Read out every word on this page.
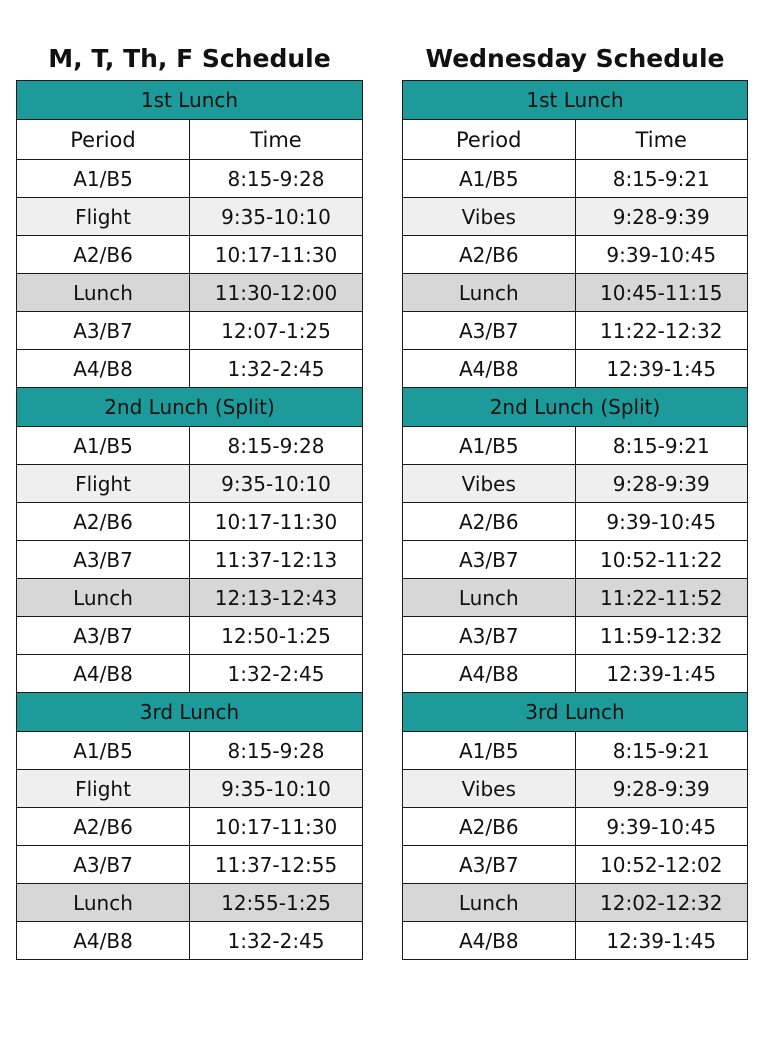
M, T, Th, F Schedule
1st Lunch	
Period	Time
A1/B5	8:15-9:28
Flight	9:35-10:10
A2/B6	10:17-11:30
Lunch	11:30-12:00
A3/B7	12:07-1:25
A4/B8	1:32-2:45
2nd Lunch (Split)	
A1/B5	8:15-9:28
Flight	9:35-10:10
A2/B6	10:17-11:30
A3/B7	11:37-12:13
Lunch	12:13-12:43
A3/B7	12:50-1:25
A4/B8	1:32-2:45
3rd Lunch	
A1/B5	8:15-9:28
Flight	9:35-10:10
A2/B6	10:17-11:30
A3/B7	11:37-12:55
Lunch	12:55-1:25
A4/B8	1:32-2:45
Wednesday Schedule
1st Lunch	
Period	Time
A1/B5	8:15-9:21
Vibes	9:28-9:39
A2/B6	9:39-10:45
Lunch	10:45-11:15
A3/B7	11:22-12:32
A4/B8	12:39-1:45
2nd Lunch (Split)	
A1/B5	8:15-9:21
Vibes	9:28-9:39
A2/B6	9:39-10:45
A3/B7	10:52-11:22
Lunch	11:22-11:52
A3/B7	11:59-12:32
A4/B8	12:39-1:45
3rd Lunch	
A1/B5	8:15-9:21
Vibes	9:28-9:39
A2/B6	9:39-10:45
A3/B7	10:52-12:02
Lunch	12:02-12:32
A4/B8	12:39-1:45
